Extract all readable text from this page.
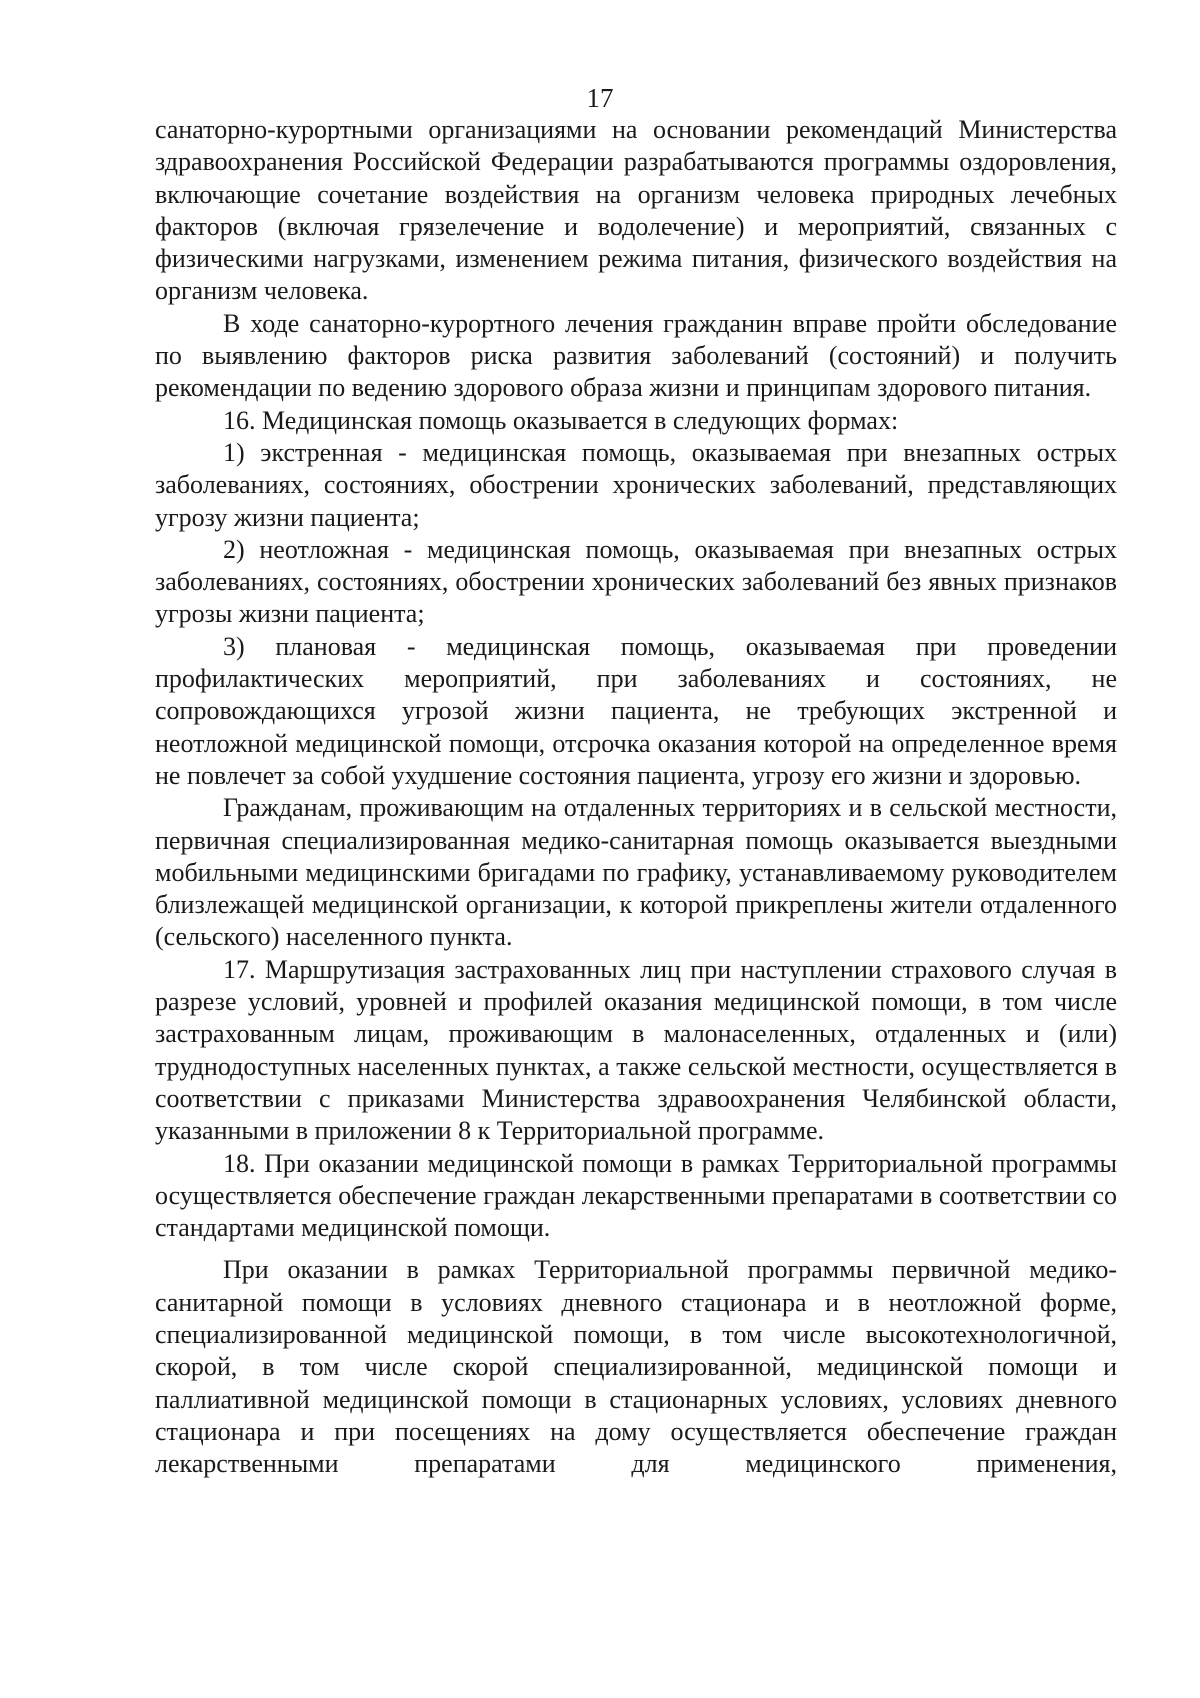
17

санаторно-курортными организациями на основании рекомендаций Министерства здравоохранения Российской Федерации разрабатываются программы оздоровления, включающие сочетание воздействия на организм человека природных лечебных факторов (включая грязелечение и водолечение) и мероприятий, связанных с физическими нагрузками, изменением режима питания, физического воздействия на организм человека.

В ходе санаторно-курортного лечения гражданин вправе пройти обследование по выявлению факторов риска развития заболеваний (состояний) и получить рекомендации по ведению здорового образа жизни и принципам здорового питания.

16. Медицинская помощь оказывается в следующих формах:

1) экстренная - медицинская помощь, оказываемая при внезапных острых заболеваниях, состояниях, обострении хронических заболеваний, представляющих угрозу жизни пациента;

2) неотложная - медицинская помощь, оказываемая при внезапных острых заболеваниях, состояниях, обострении хронических заболеваний без явных признаков угрозы жизни пациента;

3) плановая - медицинская помощь, оказываемая при проведении профилактических мероприятий, при заболеваниях и состояниях, не сопровождающихся угрозой жизни пациента, не требующих экстренной и неотложной медицинской помощи, отсрочка оказания которой на определенное время не повлечет за собой ухудшение состояния пациента, угрозу его жизни и здоровью.

Гражданам, проживающим на отдаленных территориях и в сельской местности, первичная специализированная медико-санитарная помощь оказывается выездными мобильными медицинскими бригадами по графику, устанавливаемому руководителем близлежащей медицинской организации, к которой прикреплены жители отдаленного (сельского) населенного пункта.

17. Маршрутизация застрахованных лиц при наступлении страхового случая в разрезе условий, уровней и профилей оказания медицинской помощи, в том числе застрахованным лицам, проживающим в малонаселенных, отдаленных и (или) труднодоступных населенных пунктах, а также сельской местности, осуществляется в соответствии с приказами Министерства здравоохранения Челябинской области, указанными в приложении 8 к Территориальной программе.

18. При оказании медицинской помощи в рамках Территориальной программы осуществляется обеспечение граждан лекарственными препаратами в соответствии со стандартами медицинской помощи.

При оказании в рамках Территориальной программы первичной медико-санитарной помощи в условиях дневного стационара и в неотложной форме, специализированной медицинской помощи, в том числе высокотехнологичной, скорой, в том числе скорой специализированной, медицинской помощи и паллиативной медицинской помощи в стационарных условиях, условиях дневного стационара и при посещениях на дому осуществляется обеспечение граждан лекарственными препаратами для медицинского применения,
